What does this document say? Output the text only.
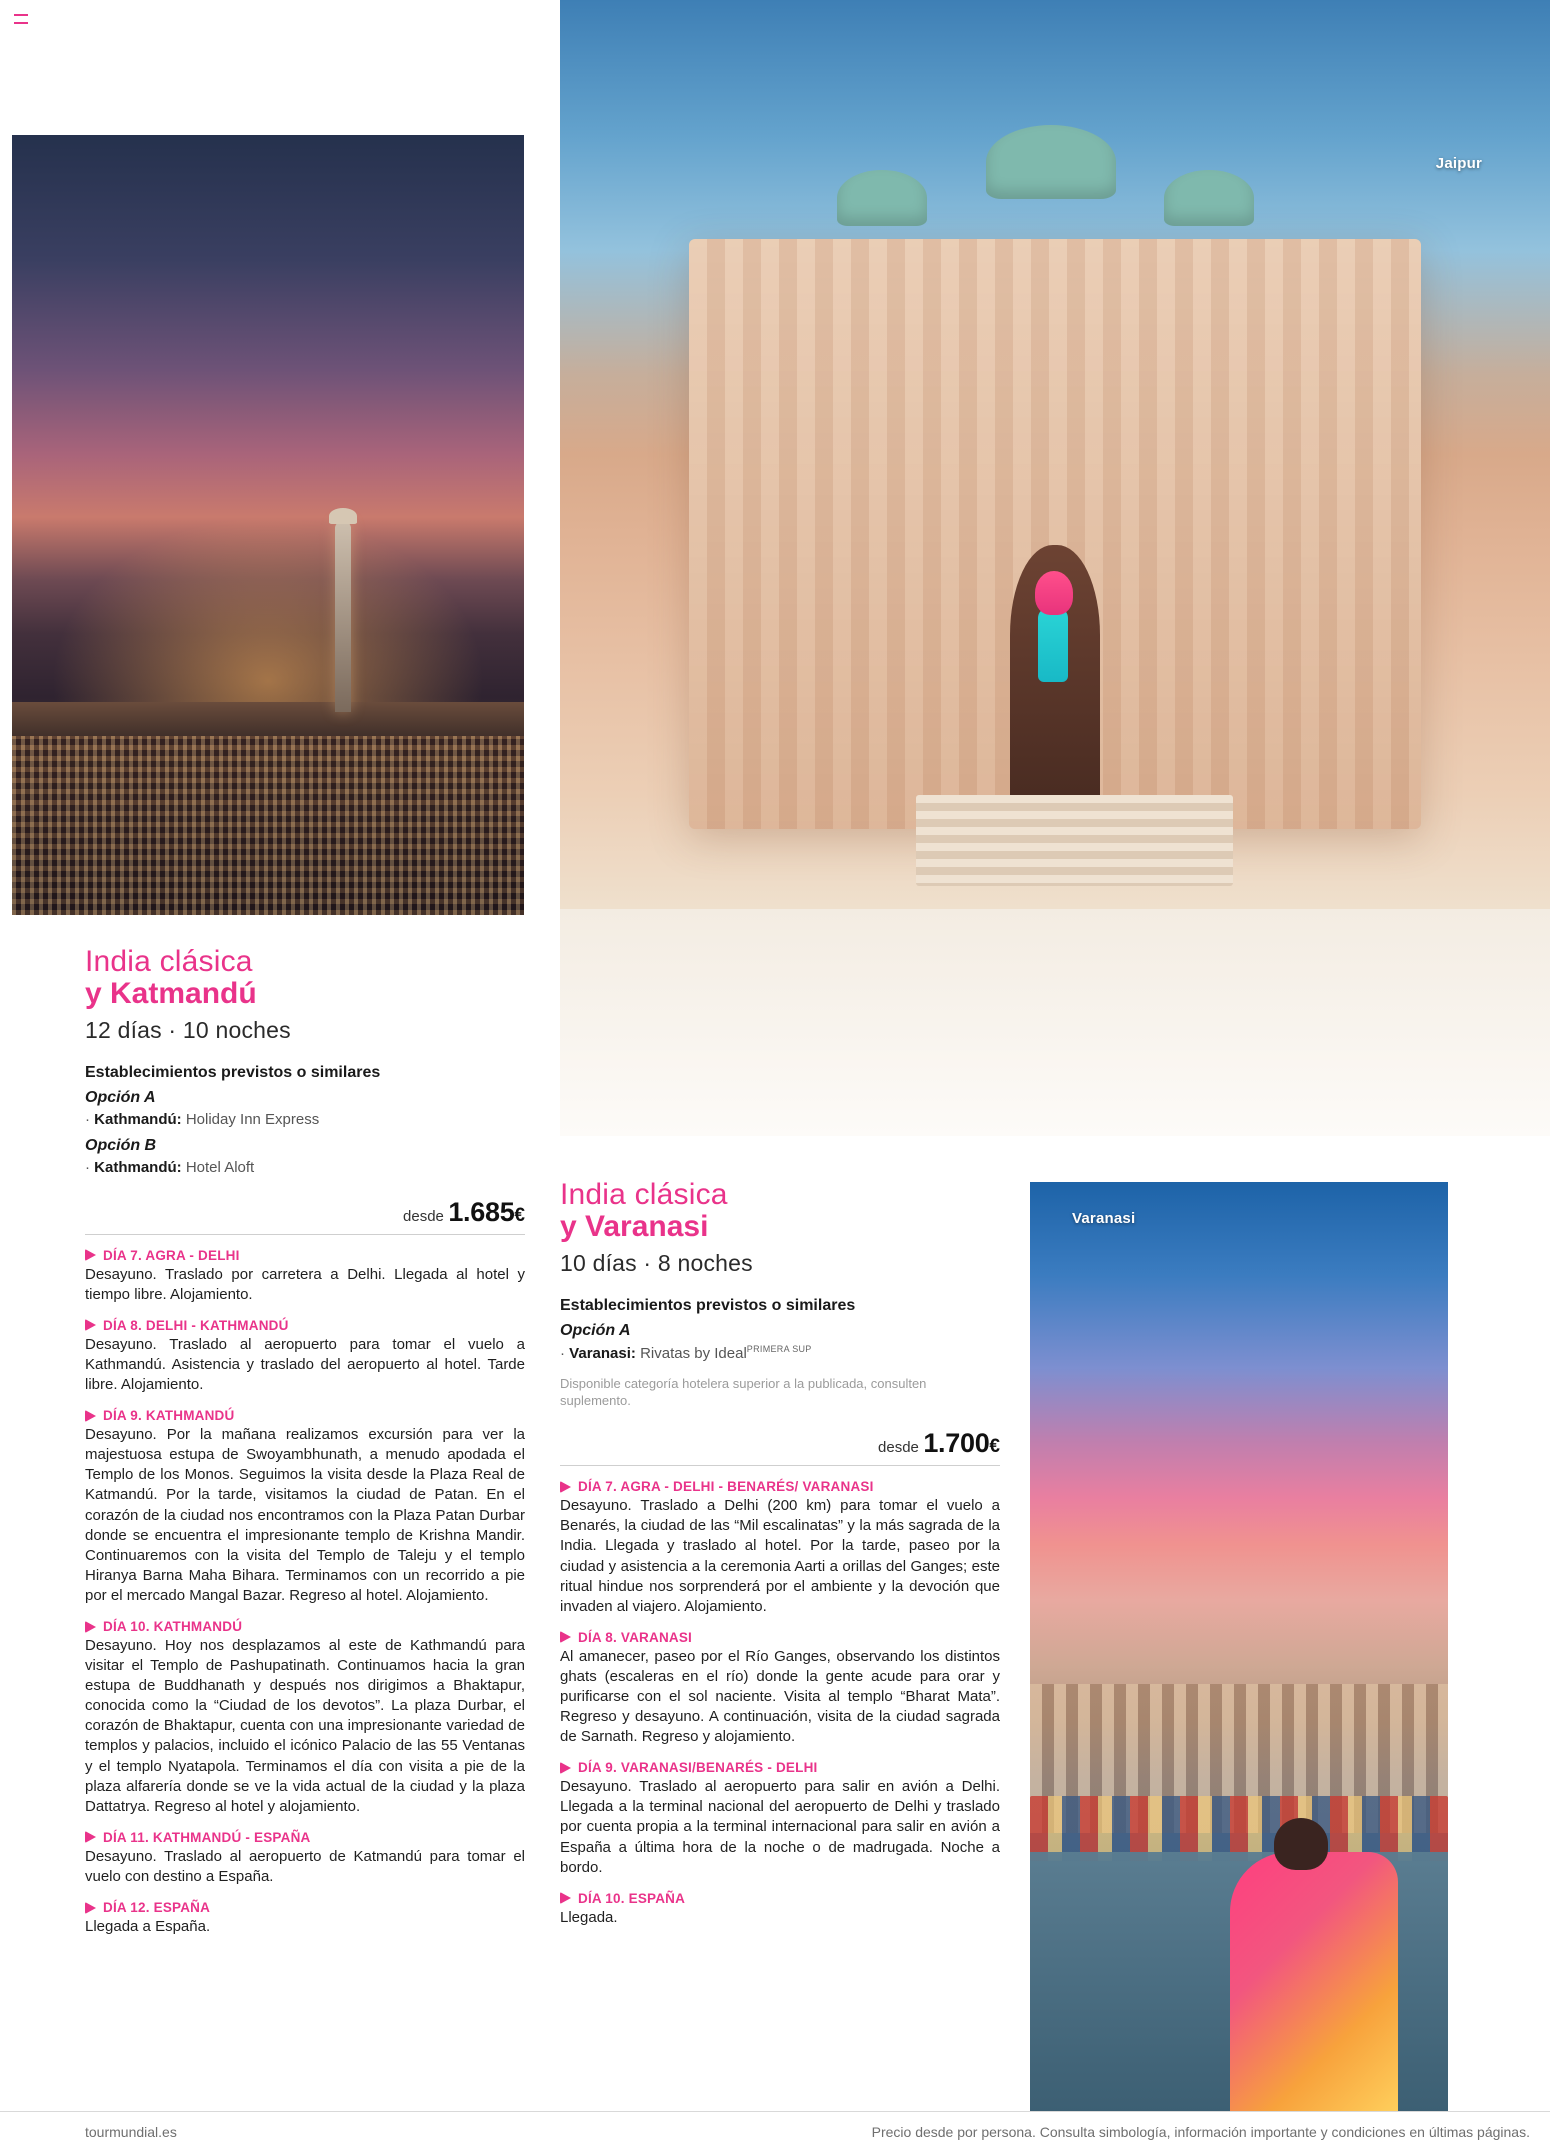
Jaipur
Varanasi
India clásica
y Katmandú
12 días · 10 noches
Establecimientos previstos o similares
Opción A
· Kathmandú: Holiday Inn Express
Opción B
· Kathmandú: Hotel Aloft
desde 1.685€
DÍA 7. AGRA - DELHI
Desayuno. Traslado por carretera a Delhi. Llegada al hotel y tiempo libre. Alojamiento.
DÍA 8. DELHI - KATHMANDÚ
Desayuno. Traslado al aeropuerto para tomar el vuelo a Kathmandú. Asistencia y traslado del aeropuerto al hotel. Tarde libre. Alojamiento.
DÍA 9. KATHMANDÚ
Desayuno. Por la mañana realizamos excursión para ver la majestuosa estupa de Swoyambhunath, a menudo apodada el Templo de los Monos. Seguimos la visita desde la Plaza Real de Katmandú. Por la tarde, visitamos la ciudad de Patan. En el corazón de la ciudad nos encontramos con la Plaza Patan Durbar donde se encuentra el impresionante templo de Krishna Mandir. Continuaremos con la visita del Templo de Taleju y el templo Hiranya Barna Maha Bihara. Terminamos con un recorrido a pie por el mercado Mangal Bazar. Regreso al hotel. Alojamiento.
DÍA 10. KATHMANDÚ
Desayuno. Hoy nos desplazamos al este de Kathmandú para visitar el Templo de Pashupatinath. Continuamos hacia la gran estupa de Buddhanath y después nos dirigimos a Bhaktapur, conocida como la “Ciudad de los devotos”. La plaza Durbar, el corazón de Bhaktapur, cuenta con una impresionante variedad de templos y palacios, incluido el icónico Palacio de las 55 Ventanas y el templo Nyatapola. Terminamos el día con visita a pie de la plaza alfarería donde se ve la vida actual de la ciudad y la plaza Dattatrya. Regreso al hotel y alojamiento.
DÍA 11. KATHMANDÚ - ESPAÑA
Desayuno. Traslado al aeropuerto de Katmandú para tomar el vuelo con destino a España.
DÍA 12. ESPAÑA
Llegada a España.
India clásica
y Varanasi
10 días · 8 noches
Establecimientos previstos o similares
Opción A
· Varanasi: Rivatas by Ideal$^{PRIMERA SUP}$
Disponible categoría hotelera superior a la publicada, consulten suplemento.
desde 1.700€
DÍA 7. AGRA - DELHI - BENARÉS/ VARANASI
Desayuno. Traslado a Delhi (200 km) para tomar el vuelo a Benarés, la ciudad de las “Mil escalinatas” y la más sagrada de la India. Llegada y traslado al hotel. Por la tarde, paseo por la ciudad y asistencia a la ceremonia Aarti a orillas del Ganges; este ritual hindue nos sorprenderá por el ambiente y la devoción que invaden al viajero. Alojamiento.
DÍA 8. VARANASI
Al amanecer, paseo por el Río Ganges, observando los distintos ghats (escaleras en el río) donde la gente acude para orar y purificarse con el sol naciente. Visita al templo “Bharat Mata”. Regreso y desayuno. A continuación, visita de la ciudad sagrada de Sarnath. Regreso y alojamiento.
DÍA 9. VARANASI/BENARÉS - DELHI
Desayuno. Traslado al aeropuerto para salir en avión a Delhi. Llegada a la terminal nacional del aeropuerto de Delhi y traslado por cuenta propia a la terminal internacional para salir en avión a España a última hora de la noche o de madrugada. Noche a bordo.
DÍA 10. ESPAÑA
Llegada.
tourmundial.es	Precio desde por persona. Consulta simbología, información importante y condiciones en últimas páginas.
